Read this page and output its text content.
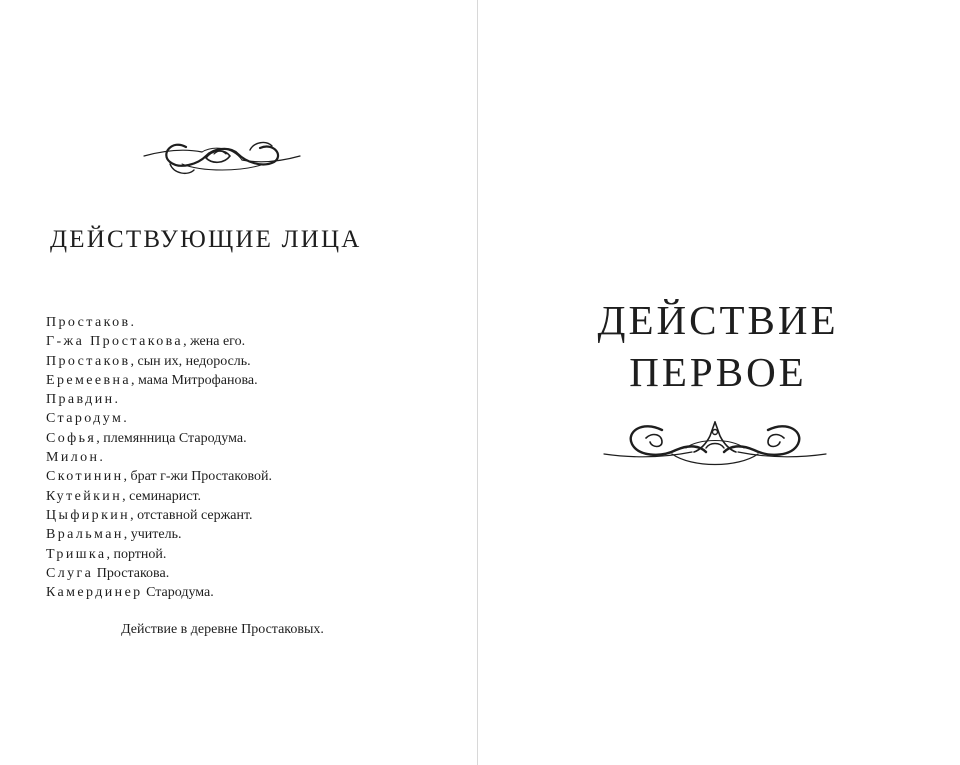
ДЕЙСТВУЮЩИЕ ЛИЦА
Простаков.
Г-жа Простакова, жена его.
Простаков, сын их, недоросль.
Еремеевна, мама Митрофанова.
Правдин.
Стародум.
Софья, племянница Стародума.
Милон.
Скотинин, брат г-жи Простаковой.
Кутейкин, семинарист.
Цыфиркин, отставной сержант.
Вральман, учитель.
Тришка, портной.
Слуга Простакова.
Камердинер Стародума.
Действие в деревне Простаковых.
ДЕЙСТВИЕ
ПЕРВОЕ
